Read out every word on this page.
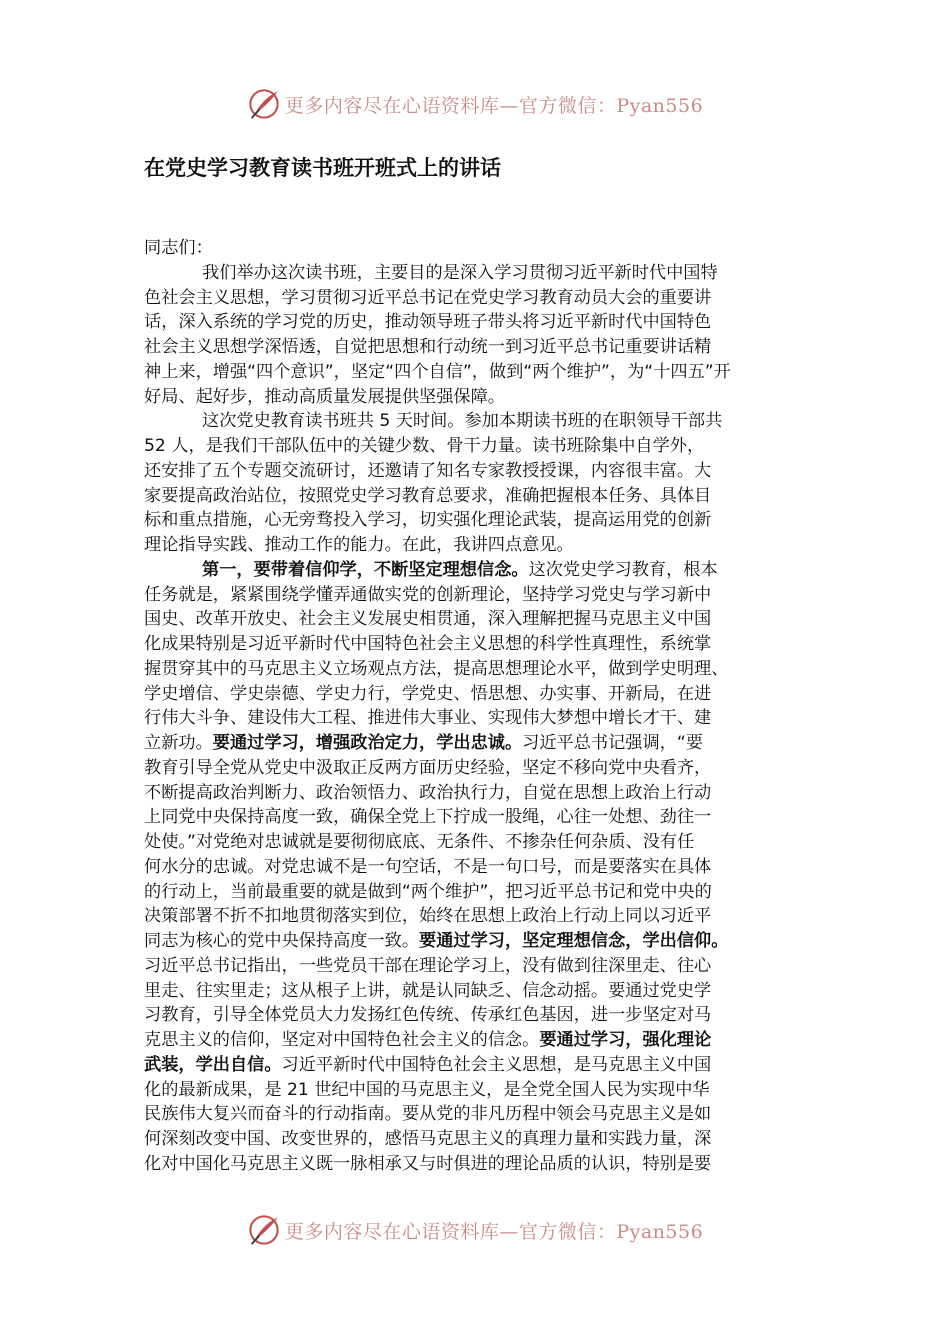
更多内容尽在心语资料库—官方微信：Pyan556
在党史学习教育读书班开班式上的讲话
同志们：
我们举办这次读书班，主要目的是深入学习贯彻习近平新时代中国特
色社会主义思想，学习贯彻习近平总书记在党史学习教育动员大会的重要讲
话，深入系统的学习党的历史，推动领导班子带头将习近平新时代中国特色
社会主义思想学深悟透，自觉把思想和行动统一到习近平总书记重要讲话精
神上来，增强“四个意识”，坚定“四个自信”，做到“两个维护”，为“十四五”开
好局、起好步，推动高质量发展提供坚强保障。
这次党史教育读书班共 5 天时间。参加本期读书班的在职领导干部共
52 人，是我们干部队伍中的关键少数、骨干力量。读书班除集中自学外，
还安排了五个专题交流研讨，还邀请了知名专家教授授课，内容很丰富。大
家要提高政治站位，按照党史学习教育总要求，准确把握根本任务、具体目
标和重点措施，心无旁骛投入学习，切实强化理论武装，提高运用党的创新
理论指导实践、推动工作的能力。在此，我讲四点意见。
第一，要带着信仰学，不断坚定理想信念。这次党史学习教育，根本
任务就是，紧紧围绕学懂弄通做实党的创新理论，坚持学习党史与学习新中
国史、改革开放史、社会主义发展史相贯通，深入理解把握马克思主义中国
化成果特别是习近平新时代中国特色社会主义思想的科学性真理性，系统掌
握贯穿其中的马克思主义立场观点方法，提高思想理论水平，做到学史明理、
学史增信、学史崇德、学史力行，学党史、悟思想、办实事、开新局，在进
行伟大斗争、建设伟大工程、推进伟大事业、实现伟大梦想中增长才干、建
立新功。要通过学习，增强政治定力，学出忠诚。习近平总书记强调，“要
教育引导全党从党史中汲取正反两方面历史经验，坚定不移向党中央看齐，
不断提高政治判断力、政治领悟力、政治执行力，自觉在思想上政治上行动
上同党中央保持高度一致，确保全党上下拧成一股绳，心往一处想、劲往一
处使。”对党绝对忠诚就是要彻彻底底、无条件、不掺杂任何杂质、没有任
何水分的忠诚。对党忠诚不是一句空话，不是一句口号，而是要落实在具体
的行动上，当前最重要的就是做到“两个维护”，把习近平总书记和党中央的
决策部署不折不扣地贯彻落实到位，始终在思想上政治上行动上同以习近平
同志为核心的党中央保持高度一致。要通过学习，坚定理想信念，学出信仰。
习近平总书记指出，一些党员干部在理论学习上，没有做到往深里走、往心
里走、往实里走；这从根子上讲，就是认同缺乏、信念动摇。要通过党史学
习教育，引导全体党员大力发扬红色传统、传承红色基因，进一步坚定对马
克思主义的信仰，坚定对中国特色社会主义的信念。要通过学习，强化理论
武装，学出自信。习近平新时代中国特色社会主义思想，是马克思主义中国
化的最新成果，是 21 世纪中国的马克思主义，是全党全国人民为实现中华
民族伟大复兴而奋斗的行动指南。要从党的非凡历程中领会马克思主义是如
何深刻改变中国、改变世界的，感悟马克思主义的真理力量和实践力量，深
化对中国化马克思主义既一脉相承又与时俱进的理论品质的认识，特别是要
更多内容尽在心语资料库—官方微信：Pyan556
